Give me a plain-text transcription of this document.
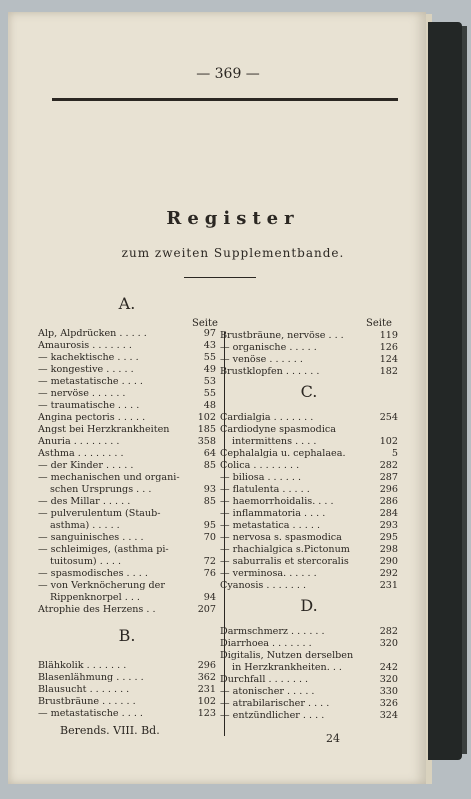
— 369 —
Register
zum zweiten Supplementbande.
Seite	Seite
Berends. VIII. Bd.
24
A.
Alp, Alpdrücken . . . . .	97
Amaurosis . . . . . . .	43
— kachektische . . . .	55
— kongestive . . . . .	49
— metastatische . . . .	53
— nervöse . . . . . .	55
— traumatische . . . .	48
Angina pectoris . . . . .	102
Angst bei Herzkrankheiten	185
Anuria . . . . . . . .	358
Asthma . . . . . . . .	64
— der Kinder . . . . .	85
— mechanischen und organi-
schen Ursprungs . . .	93
— des Millar . . . . .	85
— pulverulentum (Staub-
asthma) . . . . .	95
— sanguinisches . . . .	70
— schleimiges, (asthma pi-
tuitosum) . . . .	72
— spasmodisches . . . .	76
— von Verknöcherung der
Rippenknorpel . . .	94
Atrophie des Herzens . .	207
B.
Blähkolik . . . . . . .	296
Blasenlähmung . . . . .	362
Blausucht . . . . . . .	231
Brustbräune . . . . . .	102
— metastatische . . . .	123
Brustbräune, nervöse . . .	119
— organische . . . . .	126
— venöse . . . . . .	124
Brustklopfen . . . . . .	182
C.
Cardialgia . . . . . . .	254
Cardiodyne spasmodica
intermittens . . . .	102
Cephalalgia u. cephalaea.	5
Colica . . . . . . . .	282
— biliosa . . . . . .	287
— flatulenta . . . . .	296
— haemorrhoidalis. . . .	286
— inflammatoria . . . .	284
— metastatica . . . . .	293
— nervosa s. spasmodica	295
— rhachialgica s.Pictonum	298
— saburralis et stercoralis	290
— verminosa. . . . . .	292
Cyanosis . . . . . . .	231
D.
Darmschmerz . . . . . .	282
Diarrhoea . . . . . . .	320
Digitalis, Nutzen derselben
in Herzkrankheiten. . .	242
Durchfall . . . . . . .	320
— atonischer . . . . .	330
— atrabilarischer . . . .	326
— entzündlicher . . . .	324
